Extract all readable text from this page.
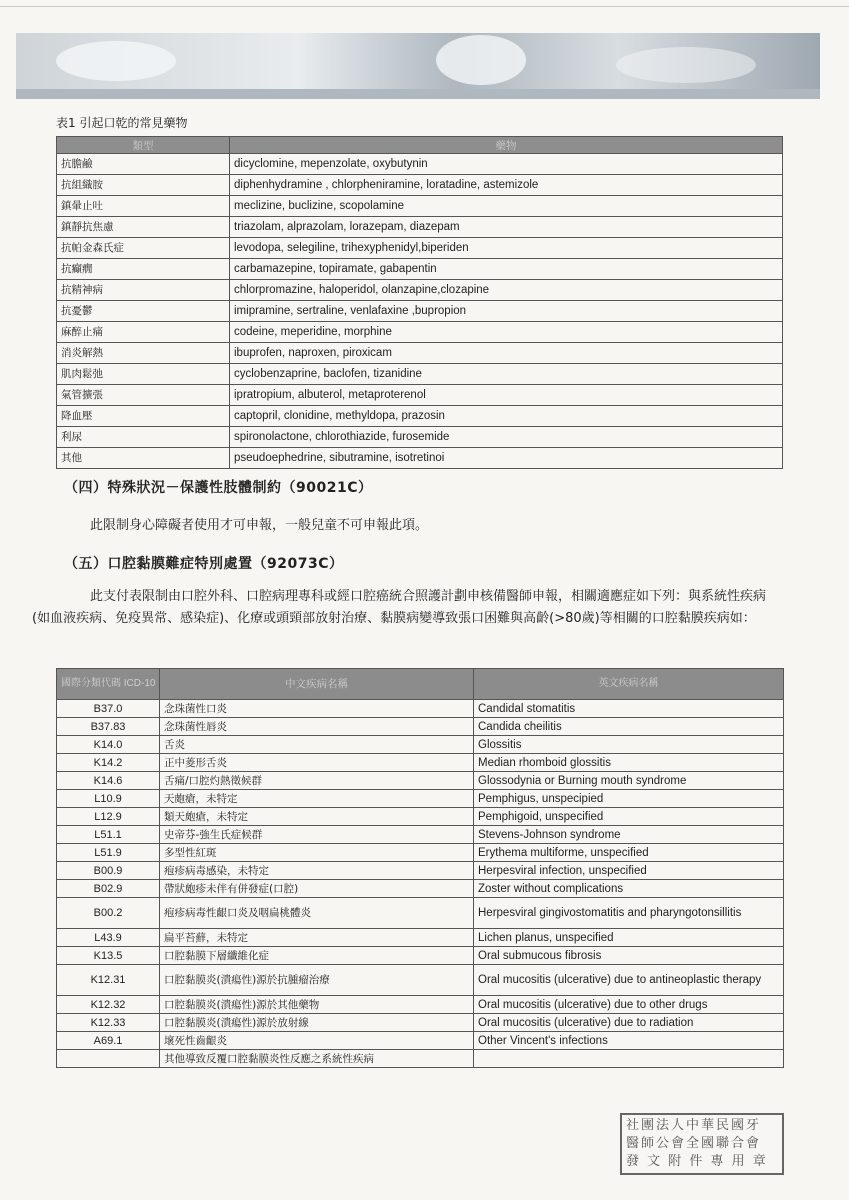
表1 引起口乾的常見藥物
類型	藥物
抗膽鹼	dicyclomine, mepenzolate, oxybutynin
抗組織胺	diphenhydramine , chlorpheniramine, loratadine, astemizole
鎮暈止吐	meclizine, buclizine, scopolamine
鎮靜抗焦慮	triazolam, alprazolam, lorazepam, diazepam
抗帕金森氏症	levodopa, selegiline, trihexyphenidyl,biperiden
抗癲癇	carbamazepine, topiramate, gabapentin
抗精神病	chlorpromazine, haloperidol, olanzapine,clozapine
抗憂鬱	imipramine, sertraline, venlafaxine ,bupropion
麻醉止痛	codeine, meperidine, morphine
消炎解熱	ibuprofen, naproxen, piroxicam
肌肉鬆弛	cyclobenzaprine, baclofen, tizanidine
氣管擴張	ipratropium, albuterol, metaproterenol
降血壓	captopril, clonidine, methyldopa, prazosin
利尿	spironolactone, chlorothiazide, furosemide
其他	pseudoephedrine, sibutramine, isotretinoi
（四）特殊狀況－保護性肢體制約（90021C）
此限制身心障礙者使用才可申報，一般兒童不可申報此項。
（五）口腔黏膜難症特別處置（92073C）
此支付表限制由口腔外科、口腔病理專科或經口腔癌統合照護計劃申核備醫師申報，相關適應症如下列：與系統性疾病(如血液疾病、免疫異常、感染症)、化療或頭頸部放射治療、黏膜病變導致張口困難與高齡(>80歲)等相關的口腔黏膜疾病如：
國際分類代碼 ICD-10	中文疾病名稱	英文疾病名稱
B37.0	念珠菌性口炎	Candidal stomatitis
B37.83	念珠菌性唇炎	Candida cheilitis
K14.0	舌炎	Glossitis
K14.2	正中菱形舌炎	Median rhomboid glossitis
K14.6	舌痛/口腔灼熱徵候群	Glossodynia or Burning mouth syndrome
L10.9	天皰瘡，未特定	Pemphigus, unspecipied
L12.9	類天皰瘡，未特定	Pemphigoid, unspecified
L51.1	史帝芬-強生氏症候群	Stevens-Johnson syndrome
L51.9	多型性紅斑	Erythema multiforme, unspecified
B00.9	疱疹病毒感染，未特定	Herpesviral infection, unspecified
B02.9	帶狀皰疹未伴有併發症(口腔)	Zoster without complications
B00.2	疱疹病毒性齦口炎及咽扁桃體炎	Herpesviral gingivostomatitis and pharyngotonsillitis
L43.9	扁平苔蘚，未特定	Lichen planus, unspecified
K13.5	口腔黏膜下層纖維化症	Oral submucous fibrosis
K12.31	口腔黏膜炎(潰瘍性)源於抗腫瘤治療	Oral mucositis (ulcerative) due to antineoplastic therapy
K12.32	口腔黏膜炎(潰瘍性)源於其他藥物	Oral mucositis (ulcerative) due to other drugs
K12.33	口腔黏膜炎(潰瘍性)源於放射線	Oral mucositis (ulcerative) due to radiation
A69.1	壞死性齒齦炎	Other Vincent's infections
	其他導致反覆口腔黏膜炎性反應之系統性疾病	
社團法人中華民國牙
醫師公會全國聯合會
發 文 附 件 專 用 章
